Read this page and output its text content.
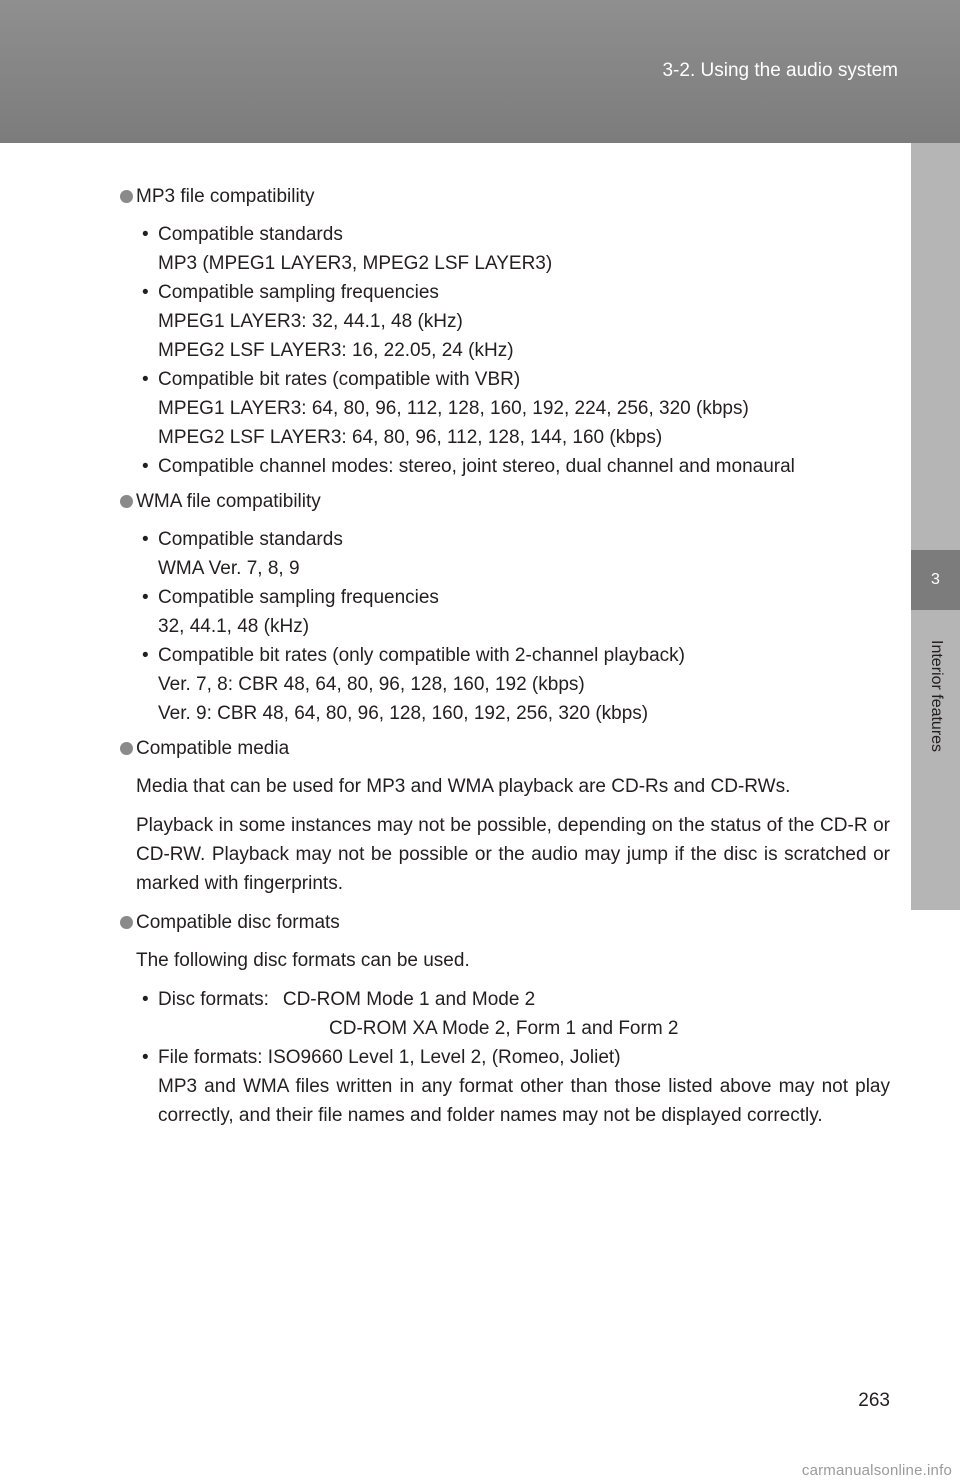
3-2. Using the audio system
3
Interior features
MP3 file compatibility
• Compatible standards
MP3 (MPEG1 LAYER3, MPEG2 LSF LAYER3)
• Compatible sampling frequencies
MPEG1 LAYER3: 32, 44.1, 48 (kHz)
MPEG2 LSF LAYER3: 16, 22.05, 24 (kHz)
• Compatible bit rates (compatible with VBR)
MPEG1 LAYER3: 64, 80, 96, 112, 128, 160, 192, 224, 256, 320 (kbps)
MPEG2 LSF LAYER3: 64, 80, 96, 112, 128, 144, 160 (kbps)
• Compatible channel modes: stereo, joint stereo, dual channel and monaural
WMA file compatibility
• Compatible standards
WMA Ver. 7, 8, 9
• Compatible sampling frequencies
32, 44.1, 48 (kHz)
• Compatible bit rates (only compatible with 2-channel playback)
Ver. 7, 8: CBR 48, 64, 80, 96, 128, 160, 192 (kbps)
Ver. 9: CBR 48, 64, 80, 96, 128, 160, 192, 256, 320 (kbps)
Compatible media

Media that can be used for MP3 and WMA playback are CD-Rs and CD-RWs.

Playback in some instances may not be possible, depending on the status of the CD-R or CD-RW. Playback may not be possible or the audio may jump if the disc is scratched or marked with fingerprints.

Compatible disc formats

The following disc formats can be used.

• Disc formats: CD-ROM Mode 1 and Mode 2
CD-ROM XA Mode 2, Form 1 and Form 2
• File formats: ISO9660 Level 1, Level 2, (Romeo, Joliet)
MP3 and WMA files written in any format other than those listed above may not play correctly, and their file names and folder names may not be displayed correctly.
263
carmanualsonline.info
